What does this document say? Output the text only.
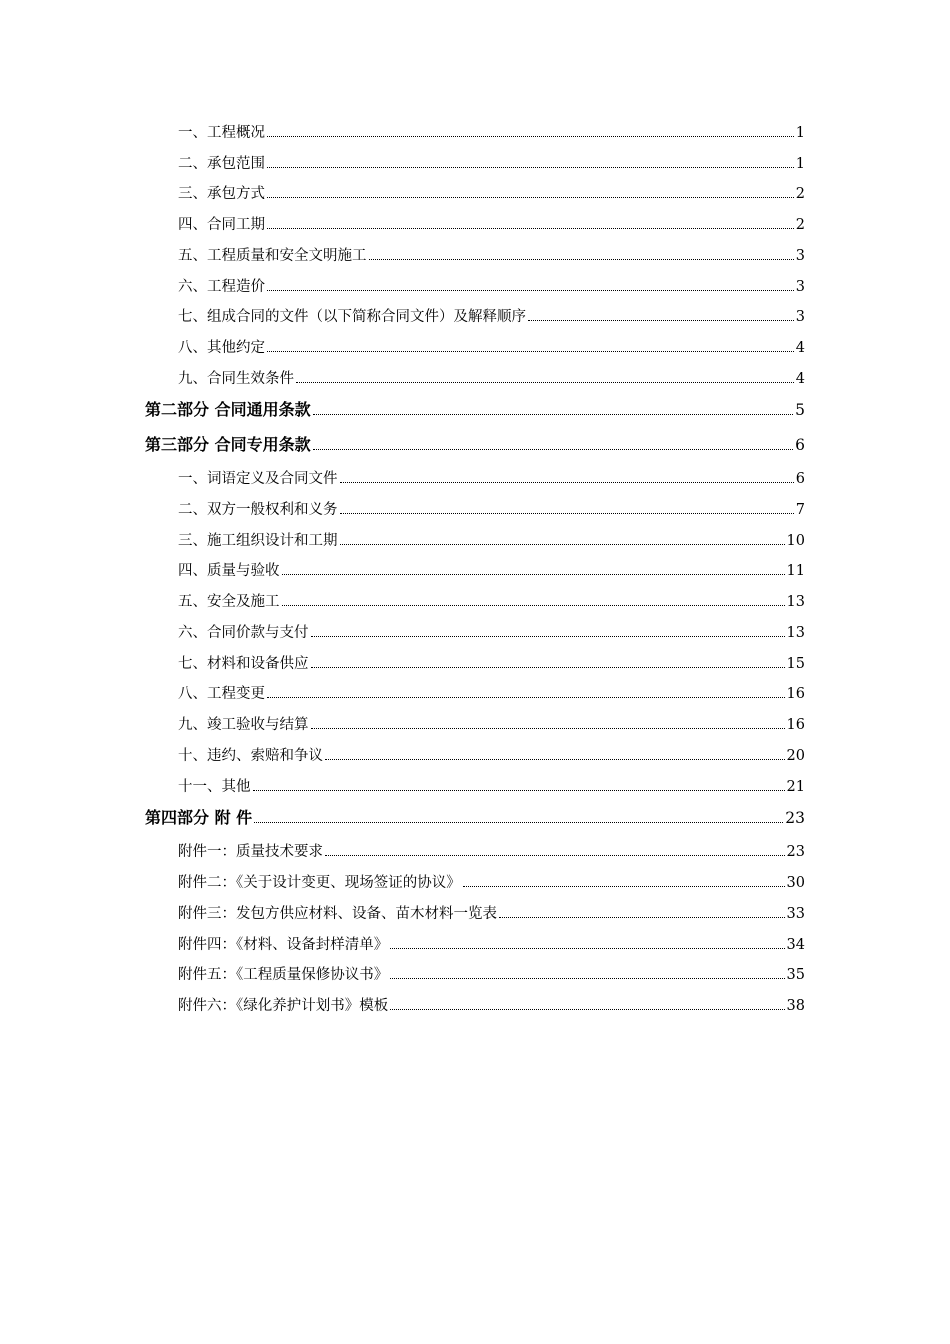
一、工程概况	1
二、承包范围	1
三、承包方式	2
四、合同工期	2
五、工程质量和安全文明施工	3
六、工程造价	3
七、组成合同的文件（以下简称合同文件）及解释顺序	3
八、其他约定	4
九、合同生效条件	4
第二部分 合同通用条款	5
第三部分 合同专用条款	6
一、词语定义及合同文件	6
二、双方一般权利和义务	7
三、施工组织设计和工期	10
四、质量与验收	11
五、安全及施工	13
六、合同价款与支付	13
七、材料和设备供应	15
八、工程变更	16
九、竣工验收与结算	16
十、违约、索赔和争议	20
十一、其他	21
第四部分 附 件	23
附件一：质量技术要求	23
附件二：《关于设计变更、现场签证的协议》	30
附件三：发包方供应材料、设备、苗木材料一览表	33
附件四：《材料、设备封样清单》	34
附件五：《工程质量保修协议书》	35
附件六：《绿化养护计划书》模板	38
